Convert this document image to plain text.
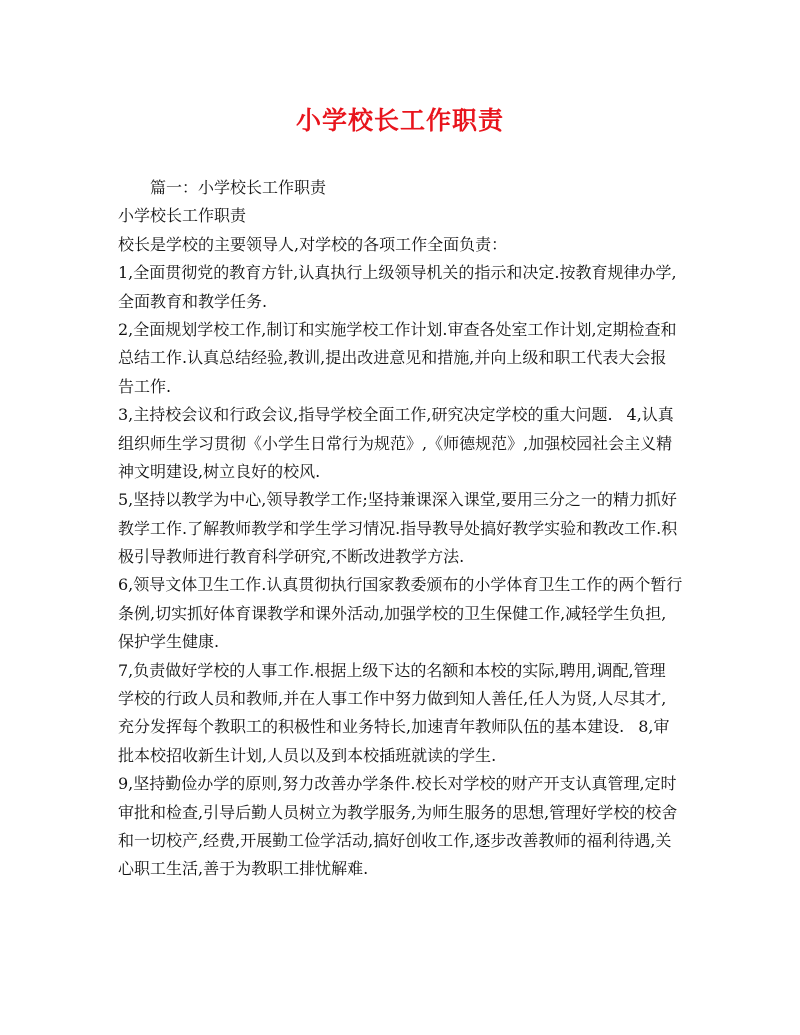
小学校长工作职责
篇一：小学校长工作职责
小学校长工作职责
校长是学校的主要领导人,对学校的各项工作全面负责：
1,全面贯彻党的教育方针,认真执行上级领导机关的指示和决定.按教育规律办学,
全面教育和教学任务.
2,全面规划学校工作,制订和实施学校工作计划.审查各处室工作计划,定期检查和
总结工作.认真总结经验,教训,提出改进意见和措施,并向上级和职工代表大会报
告工作.
3,主持校会议和行政会议,指导学校全面工作,研究决定学校的重大问题. 4,认真
组织师生学习贯彻《小学生日常行为规范》,《师德规范》,加强校园社会主义精
神文明建设,树立良好的校风.
5,坚持以教学为中心,领导教学工作;坚持兼课深入课堂,要用三分之一的精力抓好
教学工作.了解教师教学和学生学习情况.指导教导处搞好教学实验和教改工作.积
极引导教师进行教育科学研究,不断改进教学方法.
6,领导文体卫生工作.认真贯彻执行国家教委颁布的小学体育卫生工作的两个暂行
条例,切实抓好体育课教学和课外活动,加强学校的卫生保健工作,减轻学生负担,
保护学生健康.
7,负责做好学校的人事工作.根据上级下达的名额和本校的实际,聘用,调配,管理
学校的行政人员和教师,并在人事工作中努力做到知人善任,任人为贤,人尽其才,
充分发挥每个教职工的积极性和业务特长,加速青年教师队伍的基本建设. 8,审
批本校招收新生计划,人员以及到本校插班就读的学生.
9,坚持勤俭办学的原则,努力改善办学条件.校长对学校的财产开支认真管理,定时
审批和检查,引导后勤人员树立为教学服务,为师生服务的思想,管理好学校的校舍
和一切校产,经费,开展勤工俭学活动,搞好创收工作,逐步改善教师的福利待遇,关
心职工生活,善于为教职工排忧解难.
